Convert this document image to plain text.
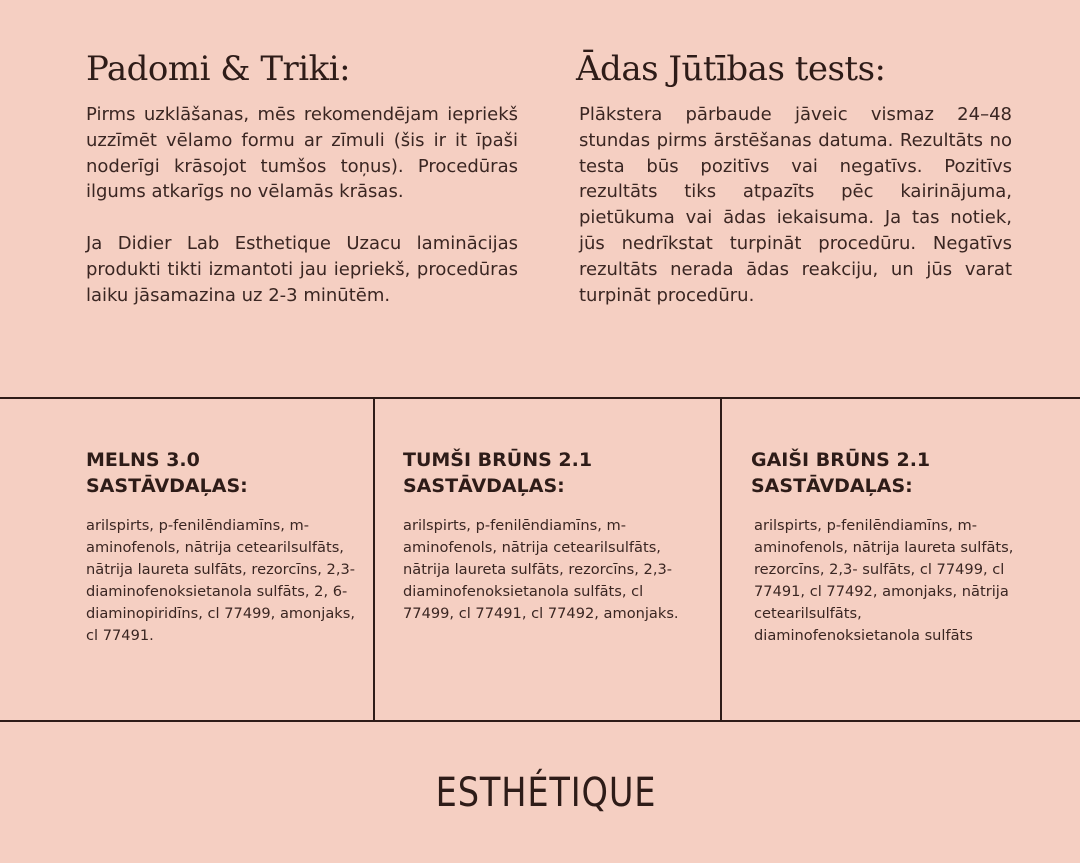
Padomi & Triki:

Pirms uzklāšanas, mēs rekomendējam iepriekš uzzīmēt vēlamo formu ar zīmuli (šis ir it īpaši noderīgi krāsojot tumšos toņus). Procedūras ilgums atkarīgs no vēlamās krāsas.

Ja Didier Lab Esthetique Uzacu laminācijas produkti tikti izmantoti jau iepriekš, procedūras laiku jāsamazina uz 2-3 minūtēm.

Ādas Jūtības tests:

Plākstera pārbaude jāveic vismaz 24–48 stundas pirms ārstēšanas datuma. Rezultāts no testa būs pozitīvs vai negatīvs. Pozitīvs rezultāts tiks atpazīts pēc kairinājuma, pietūkuma vai ādas iekaisuma. Ja tas notiek, jūs nedrīkstat turpināt procedūru. Negatīvs rezultāts nerada ādas reakciju, un jūs varat turpināt procedūru.

MELNS 3.0
SASTĀVDAĻAS:

arilspirts, p-fenilēndiamīns, m-aminofenols, nātrija cetearilsulfāts, nātrija laureta sulfāts, rezorcīns, 2,3-diaminofenoksietanola sulfāts, 2, 6-diaminopiridīns, cl 77499, amonjaks, cl 77491.

TUMŠI BRŪNS 2.1
SASTĀVDAĻAS:

arilspirts, p-fenilēndiamīns, m-aminofenols, nātrija cetearilsulfāts, nātrija laureta sulfāts, rezorcīns, 2,3-diaminofenoksietanola sulfāts, cl 77499, cl 77491, cl 77492, amonjaks.

GAIŠI BRŪNS 2.1
SASTĀVDAĻAS:

arilspirts, p-fenilēndiamīns, m-aminofenols, nātrija laureta sulfāts, rezorcīns, 2,3- sulfāts, cl 77499, cl 77491, cl 77492, amonjaks, nātrija cetearilsulfāts, diaminofenoksietanola sulfāts

ESTHÉTIQUE
